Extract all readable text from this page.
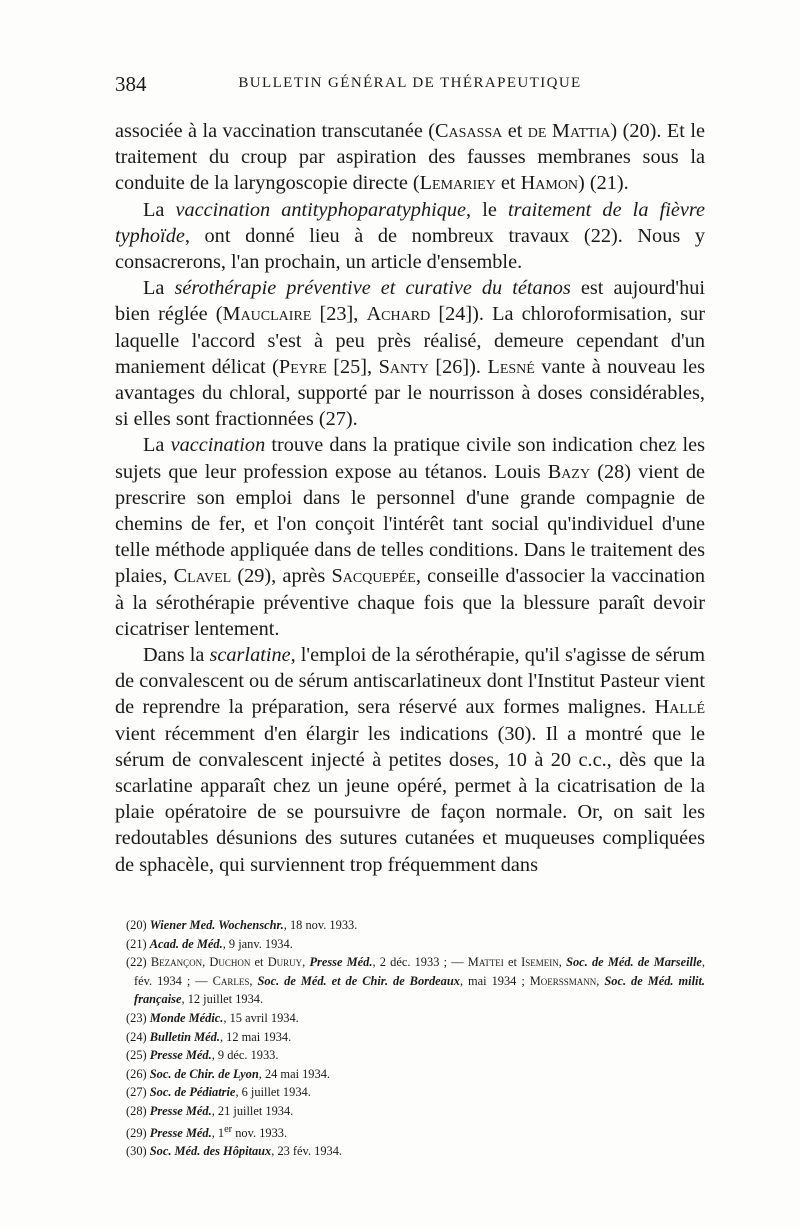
384	BULLETIN GÉNÉRAL DE THÉRAPEUTIQUE

associée à la vaccination transcutanée (Casassa et de Mattia) (20). Et le traitement du croup par aspiration des fausses membranes sous la conduite de la laryngoscopie directe (Lemariey et Hamon) (21).

La vaccination antityphoparatyphique, le traitement de la fièvre typhoïde, ont donné lieu à de nombreux travaux (22). Nous y consacrerons, l'an prochain, un article d'ensemble.

La sérothérapie préventive et curative du tétanos est aujourd'hui bien réglée (Mauclaire [23], Achard [24]). La chloroformisation, sur laquelle l'accord s'est à peu près réalisé, demeure cependant d'un maniement délicat (Peyre [25], Santy [26]). Lesné vante à nouveau les avantages du chloral, supporté par le nourrisson à doses considérables, si elles sont fractionnées (27).

La vaccination trouve dans la pratique civile son indication chez les sujets que leur profession expose au tétanos. Louis Bazy (28) vient de prescrire son emploi dans le personnel d'une grande compagnie de chemins de fer, et l'on conçoit l'intérêt tant social qu'individuel d'une telle méthode appliquée dans de telles conditions. Dans le traitement des plaies, Clavel (29), après Sacquepée, conseille d'associer la vaccination à la sérothérapie préventive chaque fois que la blessure paraît devoir cicatriser lentement.

Dans la scarlatine, l'emploi de la sérothérapie, qu'il s'agisse de sérum de convalescent ou de sérum antiscarlatineux dont l'Institut Pasteur vient de reprendre la préparation, sera réservé aux formes malignes. Hallé vient récemment d'en élargir les indications (30). Il a montré que le sérum de convalescent injecté à petites doses, 10 à 20 c.c., dès que la scarlatine apparaît chez un jeune opéré, permet à la cicatrisation de la plaie opératoire de se poursuivre de façon normale. Or, on sait les redoutables désunions des sutures cutanées et muqueuses compliquées de sphacèle, qui surviennent trop fréquemment dans

(20) Wiener Med. Wochenschr., 18 nov. 1933.

(21) Acad. de Méd., 9 janv. 1934.

(22) Bezançon, Duchon et Duruy, Presse Méd., 2 déc. 1933 ; — Mattei et Isemein, Soc. de Méd. de Marseille, fév. 1934 ; — Carles, Soc. de Méd. et de Chir. de Bordeaux, mai 1934 ; Moerssmann, Soc. de Méd. milit. française, 12 juillet 1934.

(23) Monde Médic., 15 avril 1934.

(24) Bulletin Méd., 12 mai 1934.

(25) Presse Méd., 9 déc. 1933.

(26) Soc. de Chir. de Lyon, 24 mai 1934.

(27) Soc. de Pédiatrie, 6 juillet 1934.

(28) Presse Méd., 21 juillet 1934.

(29) Presse Méd., 1er nov. 1933.

(30) Soc. Méd. des Hôpitaux, 23 fév. 1934.
